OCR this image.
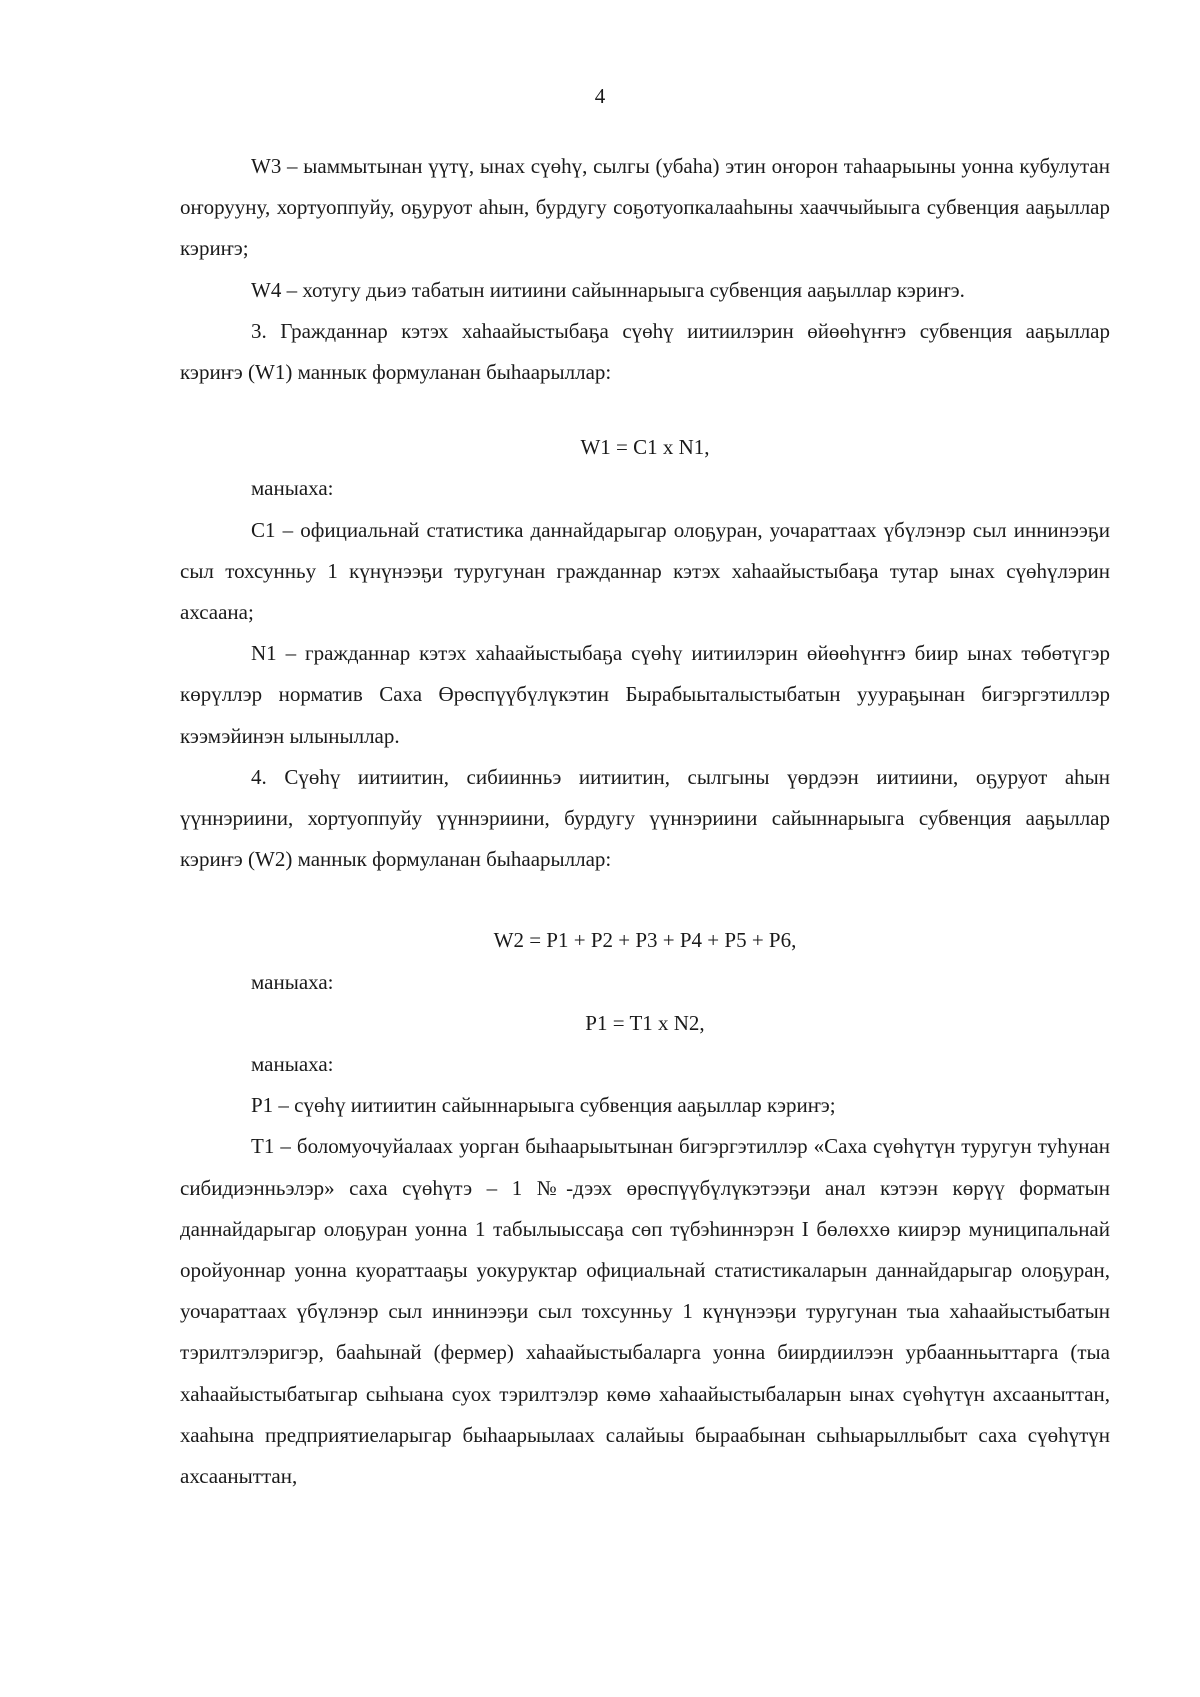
4

W3 – ыаммытынан үүтү, ынах сүөһү, сылгы (убаһа) этин оҥорон таһаарыыны уонна кубулутан оҥорууну, хортуоппуйу, оҕуруот аһын, бурдугу соҕотуопкалааһыны хааччыйыыга субвенция ааҕыллар кэриҥэ;

W4 – хотугу дьиэ табатын иитиини сайыннарыыга субвенция ааҕыллар кэриҥэ.

3. Гражданнар кэтэх хаһаайыстыбаҕа сүөһү иитиилэрин өйөөһүҥҥэ субвенция ааҕыллар кэриҥэ (W1) маннык формуланан быһаарыллар:

W1 = C1 x N1,
маныаха:

C1 – официальнай статистика даннайдарыгар олоҕуран, уочараттаах үбүлэнэр сыл иннинээҕи сыл тохсунньу 1 күнүнээҕи туругунан гражданнар кэтэх хаһаайыстыбаҕа тутар ынах сүөһүлэрин ахсаана;

N1 – гражданнар кэтэх хаһаайыстыбаҕа сүөһү иитиилэрин өйөөһүҥҥэ биир ынах төбөтүгэр көрүллэр норматив Саха Өрөспүүбүлүкэтин Бырабыыталыстыбатын ууураҕынан бигэргэтиллэр кээмэйинэн ылыныллар.

4. Сүөһү иитиитин, сибиинньэ иитиитин, сылгыны үөрдээн иитиини, оҕуруот аһын үүннэриини, хортуоппуйу үүннэриини, бурдугу үүннэриини сайыннарыыга субвенция ааҕыллар кэриҥэ (W2) маннык формуланан быһаарыллар:

W2 = P1 + P2 + P3 + P4 + P5 + P6,
маныаха:
P1 = T1 x N2,
маныаха:

P1 – сүөһү иитиитин сайыннарыыга субвенция ааҕыллар кэриҥэ;

T1 – боломуочуйалаах уорган быһаарыытынан бигэргэтиллэр «Саха сүөһүтүн туругун туһунан сибидиэнньэлэр» саха сүөһүтэ – 1 №-дээх өрөспүүбүлүкэтээҕи анал кэтээн көрүү форматын даннайдарыгар олоҕуран уонна 1 табылыыссаҕа сөп түбэһиннэрэн I бөлөххө киирэр муниципальнай оройуоннар уонна куораттааҕы уокуруктар официальнай статистикаларын даннайдарыгар олоҕуран, уочараттаах үбүлэнэр сыл иннинээҕи сыл тохсунньу 1 күнүнээҕи туругунан тыа хаһаайыстыбатын тэрилтэлэригэр, бааһынай (фермер) хаһаайыстыбаларга уонна биирдиилээн урбаанньыттарга (тыа хаһаайыстыбатыгар сыһыана суох тэрилтэлэр көмө хаһаайыстыбаларын ынах сүөһүтүн ахсааныттан, хааһына предприятиеларыгар быһаарыылаах салайыы быраабынан сыһыарыллыбыт саха сүөһүтүн ахсааныттан,
